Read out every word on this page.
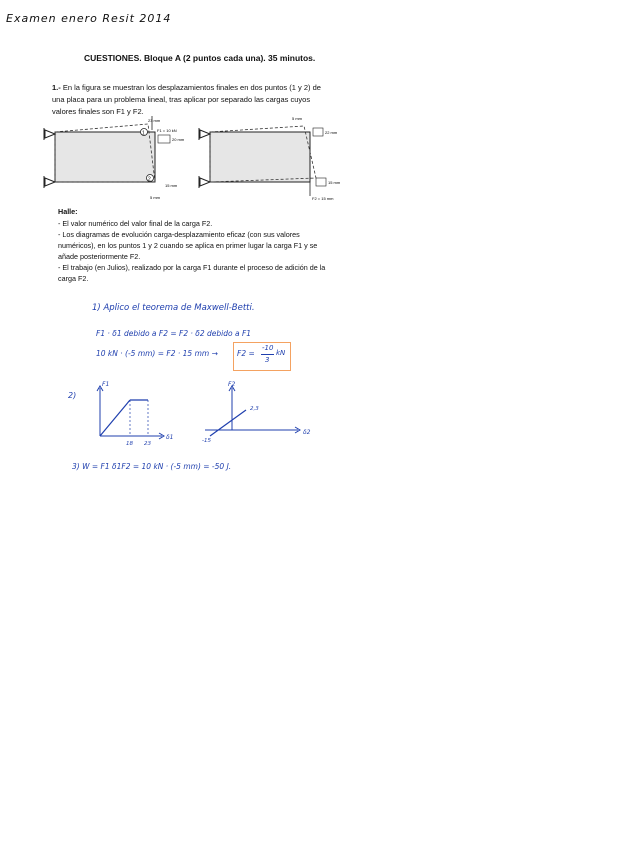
Examen enero Resit 2014
CUESTIONES. Bloque A (2 puntos cada una). 35 minutos.
1.- En la figura se muestran los desplazamientos finales en dos puntos (1 y 2) de una placa para un problema lineal, tras aplicar por separado las cargas cuyos valores finales son F1 y F2.
1
2
F1 = 10 kN
23 mm
20 mm
15 mm
5 mm
5 mm
22 mm
15 mm
F2 = 15 mm

Halle:

- El valor numérico del valor final de la carga F2.

- Los diagramas de evolución carga-desplazamiento eficaz (con sus valores numéricos), en los puntos 1 y 2 cuando se aplica en primer lugar la carga F1 y se añade posteriormente F2.

- El trabajo (en Julios), realizado por la carga F1 durante el proceso de adición de la carga F2.

1) Aplico el teorema de Maxwell-Betti.
F1 · δ1 debido a F2 = F2 · δ2 debido a F1
10 kN · (-5 mm) = F2 · 15 mm →	F2 =
-10
3
kN
2)
F1
δ1
18 23
F2
δ2
-15
2,3
3) W = F1 δ1F2 = 10 kN · (-5 mm) = -50 J.
